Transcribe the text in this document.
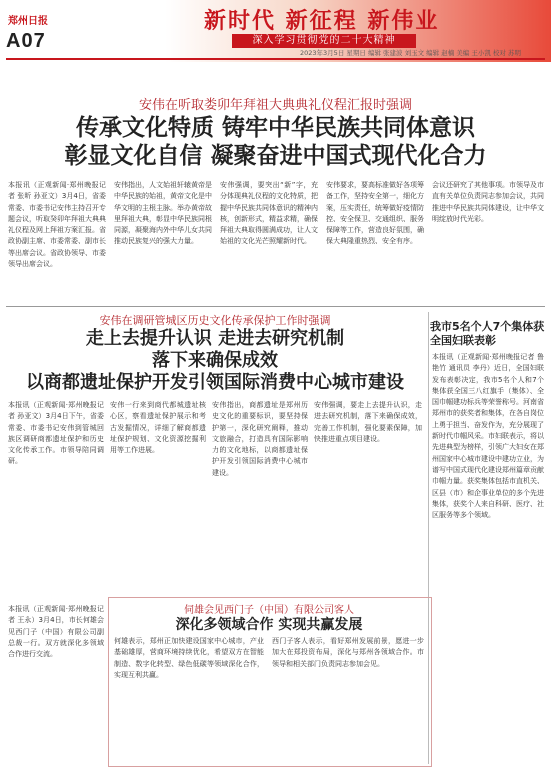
郑州日报
A07
新时代 新征程 新伟业
深入学习贯彻党的二十大精神
2023年3月5日 星期日 编辑 张建波 刘玉文 编辑 赵楠 美编 王小凯 校对 苏明
安伟在听取娄卯年拜祖大典典礼仪程汇报时强调
传承文化特质 铸牢中华民族共同体意识
彰显文化自信 凝聚奋进中国式现代化合力
本报讯（正观新闻·郑州晚报记者 张昕 孙亚文）3月4日，省委常委、市委书记安伟主持召开专题会议，听取癸卯年拜祖大典典礼仪程及网上拜祖方案汇报。省政协副主席、市委常委、副市长等出席会议。省政协领导、市委领导出席会议。
安伟指出，人文始祖轩辕黄帝是中华民族的始祖，黄帝文化是中华文明的主根主脉。举办黄帝故里拜祖大典，彰显中华民族同根同源，凝聚海内外中华儿女共同推动民族复兴的强大力量。
安伟强调，要突出“新”字，充分体现典礼仪程的文化特质，把握中华民族共同体意识的精神内核，创新形式，精益求精，确保拜祖大典取得圆满成功，让人文始祖的文化光芒照耀新时代。
安伟要求，要高标准做好各项筹备工作，坚持安全第一，细化方案，压实责任，统筹做好疫情防控、安全保卫、交通组织、服务保障等工作，营造良好氛围，确保大典隆重热烈、安全有序。
会议还研究了其他事项。市领导及市直有关单位负责同志参加会议，共同推进中华民族共同体建设，让中华文明绽放时代光彩。
安伟在调研管城区历史文化传承保护工作时强调
走上去提升认识 走进去研究机制
落下来确保成效
以商都遗址保护开发引领国际消费中心城市建设
本报讯（正观新闻·郑州晚报记者 孙亚文）3月4日下午，省委常委、市委书记安伟到管城回族区调研商都遗址保护和历史文化传承工作。市领导陪同调研。
安伟一行来到商代都城遗址核心区，察看遗址保护展示和考古发掘情况，详细了解商都遗址保护规划、文化资源挖掘利用等工作进展。
安伟指出，商都遗址是郑州历史文化的重要标识，要坚持保护第一，深化研究阐释，推动文旅融合，打造具有国际影响力的文化地标，以商都遗址保护开发引领国际消费中心城市建设。
安伟强调，要走上去提升认识，走进去研究机制，落下来确保成效，完善工作机制，强化要素保障，加快推进重点项目建设。
我市5名个人7个集体获全国妇联表彰
本报讯（正观新闻·郑州晚报记者 鲁艳竹 通讯员 李丹）近日，全国妇联发布表彰决定，我市5名个人和7个集体获全国三八红旗手（集体）、全国巾帼建功标兵等荣誉称号。河南省郑州市的获奖者和集体，在各自岗位上勇于担当、奋发作为，充分展现了新时代巾帼风采。市妇联表示，将以先进典型为榜样，引领广大妇女在郑州国家中心城市建设中建功立业，为谱写中国式现代化建设郑州篇章贡献巾帼力量。获奖集体包括市直机关、区县（市）和企事业单位的多个先进集体，获奖个人来自科研、医疗、社区服务等多个领域。
伺雄会见西门子（中国）有限公司客人
深化多领域合作 实现共赢发展
本报讯（正观新闻·郑州晚报记者 王永）3月4日，市长何雄会见西门子（中国）有限公司副总裁一行。双方就深化多领域合作进行交流。
何雄表示，郑州正加快建设国家中心城市，产业基础雄厚，营商环境持续优化，希望双方在智能制造、数字化转型、绿色低碳等领域深化合作，实现互利共赢。
西门子客人表示，看好郑州发展前景，愿进一步加大在郑投资布局，深化与郑州各领域合作。市领导和相关部门负责同志参加会见。
